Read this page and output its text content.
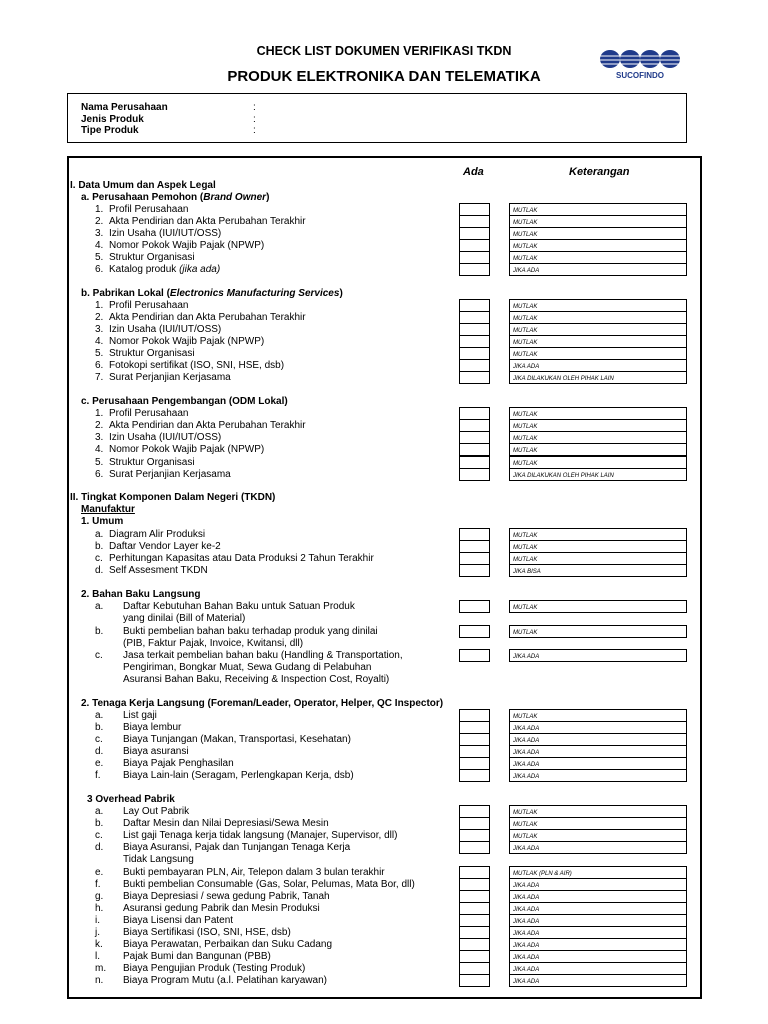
CHECK LIST DOKUMEN VERIFIKASI TKDN
PRODUK ELEKTRONIKA DAN TELEMATIKA	SUCOFINDO
Nama Perusahaan	:
Jenis Produk	:
Tipe Produk	:
Ada	Keterangan
I. Data Umum dan Aspek Legal
a. Perusahaan Pemohon (Brand Owner)
1. Profil Perusahaan	MUTLAK
2. Akta Pendirian dan Akta Perubahan Terakhir	MUTLAK
3. Izin Usaha (IUI/IUT/OSS)	MUTLAK
4. Nomor Pokok Wajib Pajak (NPWP)	MUTLAK
5. Struktur Organisasi	MUTLAK
6. Katalog produk (jika ada)	JIKA ADA
b. Pabrikan Lokal (Electronics Manufacturing Services)
1. Profil Perusahaan	MUTLAK
2. Akta Pendirian dan Akta Perubahan Terakhir	MUTLAK
3. Izin Usaha (IUI/IUT/OSS)	MUTLAK
4. Nomor Pokok Wajib Pajak (NPWP)	MUTLAK
5. Struktur Organisasi	MUTLAK
6. Fotokopi sertifikat (ISO, SNI, HSE, dsb)	JIKA ADA
7. Surat Perjanjian Kerjasama	JIKA DILAKUKAN OLEH PIHAK LAIN
c. Perusahaan Pengembangan (ODM Lokal)
1. Profil Perusahaan	MUTLAK
2. Akta Pendirian dan Akta Perubahan Terakhir	MUTLAK
3. Izin Usaha (IUI/IUT/OSS)	MUTLAK
4. Nomor Pokok Wajib Pajak (NPWP)	MUTLAK
5. Struktur Organisasi	MUTLAK
6. Surat Perjanjian Kerjasama	JIKA DILAKUKAN OLEH PIHAK LAIN
II. Tingkat Komponen Dalam Negeri (TKDN)
Manufaktur
1. Umum
a. Diagram Alir Produksi	MUTLAK
b. Daftar Vendor Layer ke-2	MUTLAK
c. Perhitungan Kapasitas atau Data Produksi 2 Tahun Terakhir	MUTLAK
d. Self Assesment TKDN	JIKA BISA
2. Bahan Baku Langsung
a. Daftar Kebutuhan Bahan Baku untuk Satuan Produk
yang dinilai (Bill of Material)
MUTLAK
b. Bukti pembelian bahan baku terhadap produk yang dinilai
(PIB, Faktur Pajak, Invoice, Kwitansi, dll)
MUTLAK
c. Jasa terkait pembelian bahan baku (Handling & Transportation,
Pengiriman, Bongkar Muat, Sewa Gudang di Pelabuhan
Asuransi Bahan Baku, Receiving & Inspection Cost, Royalti)
JIKA ADA
2. Tenaga Kerja Langsung (Foreman/Leader, Operator, Helper, QC Inspector)
a. List gaji	MUTLAK
b. Biaya lembur	JIKA ADA
c. Biaya Tunjangan (Makan, Transportasi, Kesehatan)	JIKA ADA
d. Biaya asuransi	JIKA ADA
e. Biaya Pajak Penghasilan	JIKA ADA
f. Biaya Lain-lain (Seragam, Perlengkapan Kerja, dsb)	JIKA ADA
3 Overhead Pabrik
a. Lay Out Pabrik	MUTLAK
b. Daftar Mesin dan Nilai Depresiasi/Sewa Mesin	MUTLAK
c. List gaji Tenaga kerja tidak langsung (Manajer, Supervisor, dll)	MUTLAK
d. Biaya Asuransi, Pajak dan Tunjangan Tenaga Kerja
Tidak Langsung
JIKA ADA
e. Bukti pembayaran PLN, Air, Telepon dalam 3 bulan terakhir	MUTLAK (PLN & AIR)
f. Bukti pembelian Consumable (Gas, Solar, Pelumas, Mata Bor, dll)	JIKA ADA
g. Biaya Depresiasi / sewa gedung Pabrik, Tanah	JIKA ADA
h. Asuransi gedung Pabrik dan Mesin Produksi	JIKA ADA
i. Biaya Lisensi dan Patent	JIKA ADA
j. Biaya Sertifikasi (ISO, SNI, HSE, dsb)	JIKA ADA
k. Biaya Perawatan, Perbaikan dan Suku Cadang	JIKA ADA
l. Pajak Bumi dan Bangunan (PBB)	JIKA ADA
m. Biaya Pengujian Produk (Testing Produk)	JIKA ADA
n. Biaya Program Mutu (a.l. Pelatihan karyawan)	JIKA ADA
